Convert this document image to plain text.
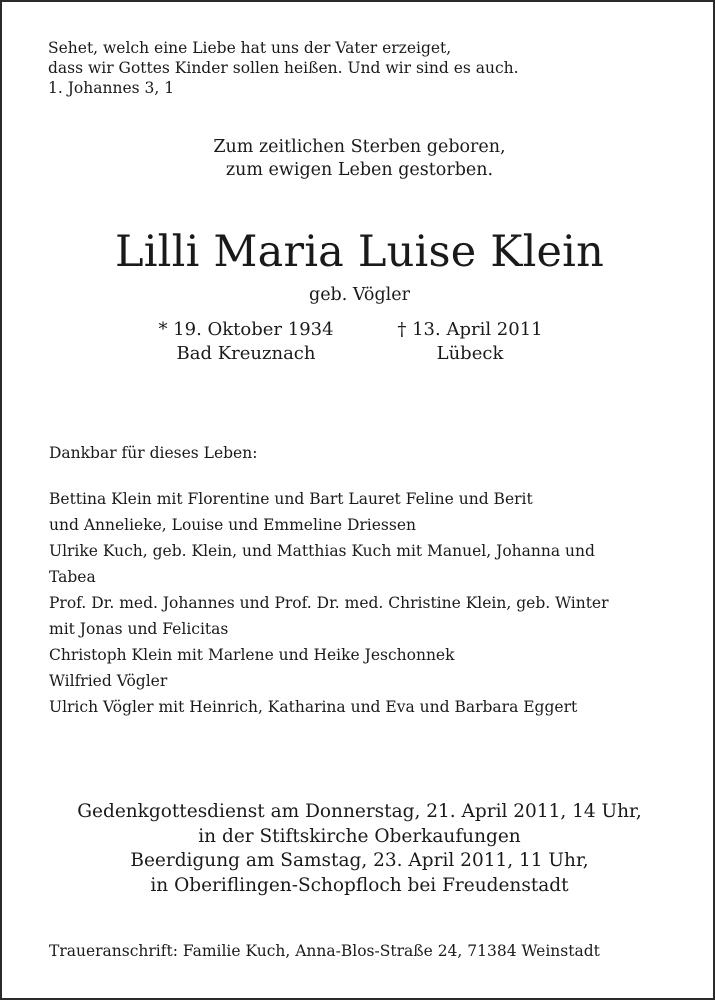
Sehet, welch eine Liebe hat uns der Vater erzeiget,
dass wir Gottes Kinder sollen heißen. Und wir sind es auch.
1. Johannes 3, 1
Zum zeitlichen Sterben geboren,
zum ewigen Leben gestorben.
Lilli Maria Luise Klein
geb. Vögler
* 19. Oktober 1934
Bad Kreuznach
† 13. April 2011
Lübeck
Dankbar für dieses Leben:
Bettina Klein mit Florentine und Bart Lauret Feline und Berit
und Annelieke, Louise und Emmeline Driessen
Ulrike Kuch, geb. Klein, und Matthias Kuch mit Manuel, Johanna und
Tabea
Prof. Dr. med. Johannes und Prof. Dr. med. Christine Klein, geb. Winter
mit Jonas und Felicitas
Christoph Klein mit Marlene und Heike Jeschonnek
Wilfried Vögler
Ulrich Vögler mit Heinrich, Katharina und Eva und Barbara Eggert
Gedenkgottesdienst am Donnerstag, 21. April 2011, 14 Uhr,
in der Stiftskirche Oberkaufungen
Beerdigung am Samstag, 23. April 2011, 11 Uhr,
in Oberiflingen-Schopfloch bei Freudenstadt
Traueranschrift: Familie Kuch, Anna-Blos-Straße 24, 71384 Weinstadt
